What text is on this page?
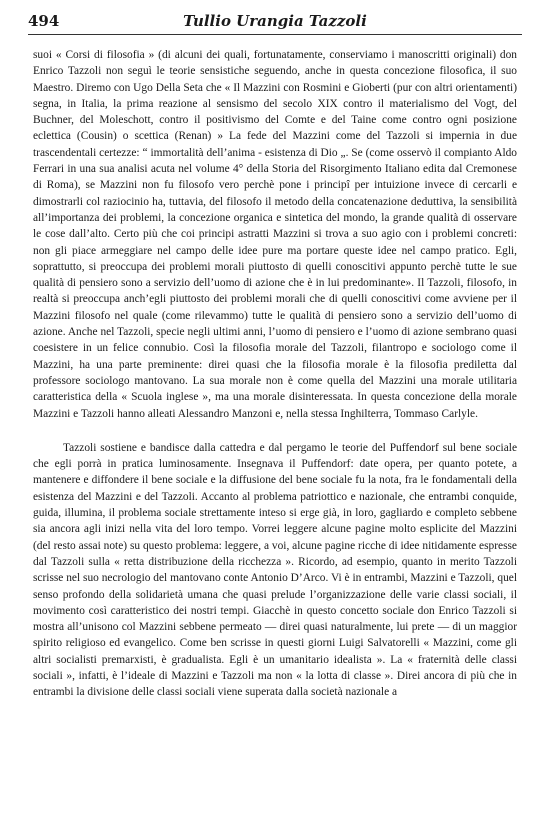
494	Tullio Urangia Tazzoli

suoi « Corsi di filosofia » (di alcuni dei quali, fortunatamente, conserviamo i manoscritti originali) don Enrico Tazzoli non seguì le teorie sensistiche seguendo, anche in questa concezione filosofica, il suo Maestro. Diremo con Ugo Della Seta che « Il Mazzini con Rosmini e Gioberti (pur con altri orientamenti) segna, in Italia, la prima reazione al sensismo del secolo XIX contro il materialismo del Vogt, del Buchner, del Moleschott, contro il positivismo del Comte e del Taine come contro ogni posizione eclettica (Cousin) o scettica (Renan) » La fede del Mazzini come del Tazzoli si impernia in due trascendentali certezze: “ immortalità dell’anima - esistenza di Dio „. Se (come osservò il compianto Aldo Ferrari in una sua analisi acuta nel volume 4° della Storia del Risorgimento Italiano edita dal Cremonese di Roma), se Mazzini non fu filosofo vero perchè pone i principî per intuizione invece di cercarli e dimostrarli col raziocinio ha, tuttavia, del filosofo il metodo della concatenazione deduttiva, la sensibilità all’importanza dei problemi, la concezione organica e sintetica del mondo, la grande qualità di osservare le cose dall’alto. Certo più che coi principi astratti Mazzini si trova a suo agio con i problemi concreti: non gli piace armeggiare nel campo delle idee pure ma portare queste idee nel campo pratico. Egli, soprattutto, si preoccupa dei problemi morali piuttosto di quelli conoscitivi appunto perchè tutte le sue qualità di pensiero sono a servizio dell’uomo di azione che è in lui predominante». Il Tazzoli, filosofo, in realtà si preoccupa anch’egli piuttosto dei problemi morali che di quelli conoscitivi come avviene per il Mazzini filosofo nel quale (come rilevammo) tutte le qualità di pensiero sono a servizio dell’uomo di azione. Anche nel Tazzoli, specie negli ultimi anni, l’uomo di pensiero e l’uomo di azione sembrano quasi coesistere in un felice connubio. Così la filosofia morale del Tazzoli, filantropo e sociologo come il Mazzini, ha una parte preminente: direi quasi che la filosofia morale è la filosofia prediletta dal professore sociologo mantovano. La sua morale non è come quella del Mazzini una morale utilitaria caratteristica della « Scuola inglese », ma una morale disinteressata. In questa concezione della morale Mazzini e Tazzoli hanno alleati Alessandro Manzoni e, nella stessa Inghilterra, Tommaso Carlyle.

Tazzoli sostiene e bandisce dalla cattedra e dal pergamo le teorie del Puffendorf sul bene sociale che egli porrà in pratica luminosamente. Insegnava il Puffendorf: date opera, per quanto potete, a mantenere e diffondere il bene sociale e la diffusione del bene sociale fu la nota, fra le fondamentali della esistenza del Mazzini e del Tazzoli. Accanto al problema patriottico e nazionale, che entrambi conquide, guida, illumina, il problema sociale strettamente inteso si erge già, in loro, gagliardo e completo sebbene sia ancora agli inizi nella vita del loro tempo. Vorrei leggere alcune pagine molto esplicite del Mazzini (del resto assai note) su questo problema: leggere, a voi, alcune pagine ricche di idee nitidamente espresse dal Tazzoli sulla « retta distribuzione della ricchezza ». Ricordo, ad esempio, quanto in merito Tazzoli scrisse nel suo necrologio del mantovano conte Antonio D’Arco. Vi è in entrambi, Mazzini e Tazzoli, quel senso profondo della solidarietà umana che quasi prelude l’organizzazione delle varie classi sociali, il movimento così caratteristico dei nostri tempi. Giacchè in questo concetto sociale don Enrico Tazzoli si mostra all’unisono col Mazzini sebbene permeato — direi quasi naturalmente, lui prete — di un maggior spirito religioso ed evangelico. Come ben scrisse in questi giorni Luigi Salvatorelli « Mazzini, come gli altri socialisti premarxisti, è gradualista. Egli è un umanitario idealista ». La « fraternità delle classi sociali », infatti, è l’ideale di Mazzini e Tazzoli ma non « la lotta di classe ». Direi ancora di più che in entrambi la divisione delle classi sociali viene superata dalla società nazionale a
